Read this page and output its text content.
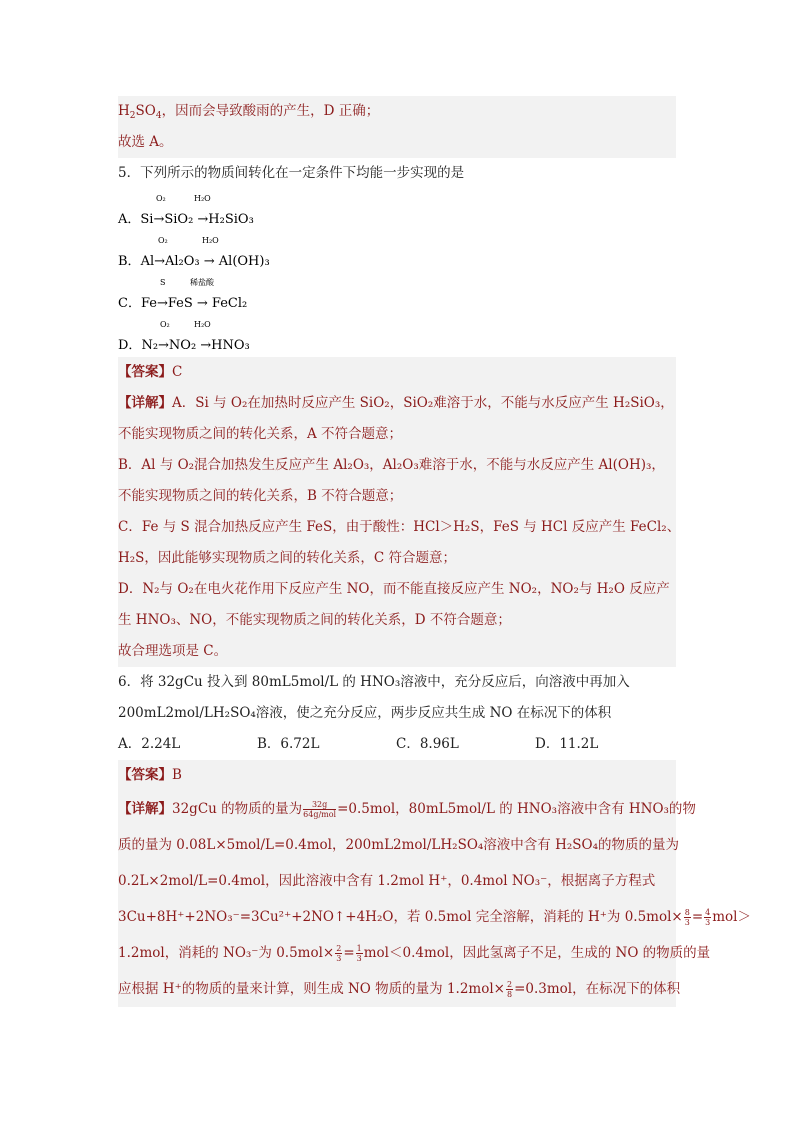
$H_2SO_4$，因而会导致酸雨的产生，D 正确；
故选 A。
5．下列所示的物质间转化在一定条件下均能一步实现的是
O₂	H₂O
A．Si→SiO₂ →H₂SiO₃
O₂	H₂O
B．Al→Al₂O₃ → Al(OH)₃
S	稀盐酸
C．Fe→FeS → FeCl₂
O₂	H₂O
D．N₂→NO₂ →HNO₃
【答案】C
【详解】A．Si 与 O₂在加热时反应产生 SiO₂，SiO₂难溶于水，不能与水反应产生 H₂SiO₃，
不能实现物质之间的转化关系，A 不符合题意；
B．Al 与 O₂混合加热发生反应产生 Al₂O₃，Al₂O₃难溶于水，不能与水反应产生 Al(OH)₃，
不能实现物质之间的转化关系，B 不符合题意；
C．Fe 与 S 混合加热反应产生 FeS，由于酸性：HCl＞H₂S，FeS 与 HCl 反应产生 FeCl₂、
H₂S，因此能够实现物质之间的转化关系，C 符合题意；
D．N₂与 O₂在电火花作用下反应产生 NO，而不能直接反应产生 NO₂，NO₂与 H₂O 反应产
生 HNO₃、NO，不能实现物质之间的转化关系，D 不符合题意；
故合理选项是 C。
6．将 32gCu 投入到 80mL5mol/L 的 HNO₃溶液中，充分反应后，向溶液中再加入
200mL2mol/LH₂SO₄溶液，使之充分反应，两步反应共生成 NO 在标况下的体积
A．2.24L	B．6.72L	C．8.96L	D．11.2L
【答案】B
【详解】32gCu 的物质的量为 $\frac{32g}{\text{64g/mol}} =0.5mol$，80mL5mol/L 的 HNO₃溶液中含有 HNO₃的物
质的量为 0.08L×5mol/L=0.4mol，200mL2mol/LH₂SO₄溶液中含有 H₂SO₄的物质的量为
0.2L×2mol/L=0.4mol，因此溶液中含有 1.2mol H⁺，0.4mol NO₃⁻，根据离子方程式
3Cu+8H⁺+2NO₃⁻=3Cu²⁺+2NO↑+4H₂O，若 0.5mol 完全溶解，消耗的 H⁺为 $0.5mol\times \frac{8}{3} = \frac{4}{3} mol>$
1.2mol，消耗的 NO₃⁻为 $0.5mol\times \frac{2}{3} = \frac{1}{3} mol<0.4mol$，因此氢离子不足，生成的 NO 的物质的量
应根据 H⁺的物质的量来计算，则生成 NO 物质的量为 $1.2mol\times \frac{2}{8} =0.3mol$，在标况下的体积
